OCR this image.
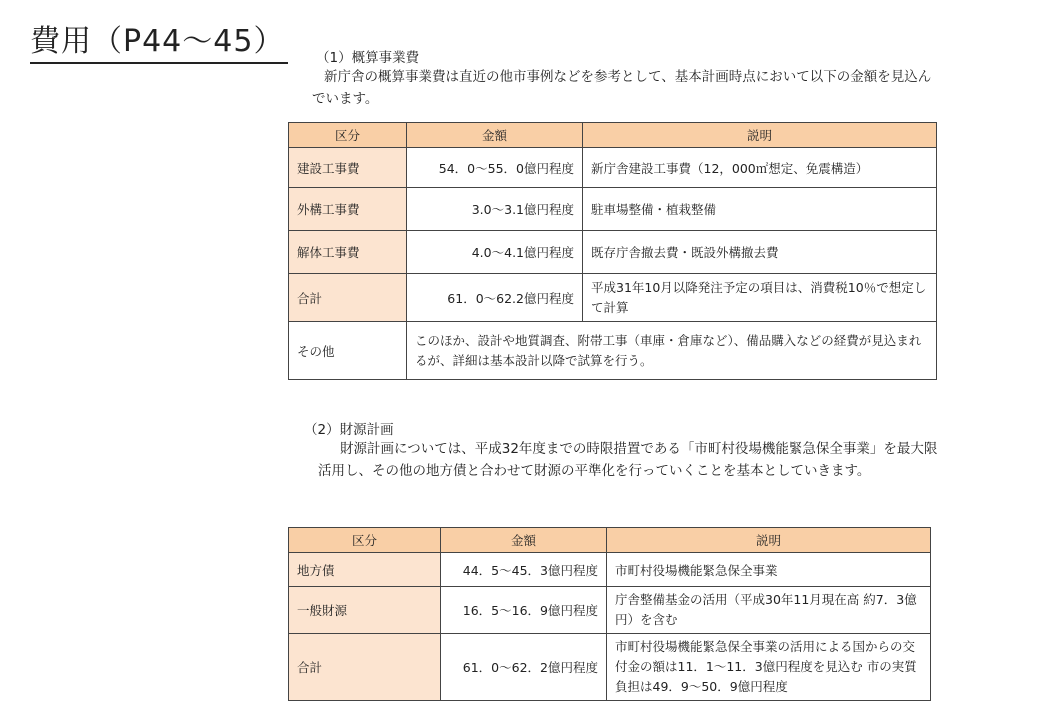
費用（P44〜45） （1）概算事業費
新庁舎の概算事業費は直近の他市事例などを参考として、基本計画時点において以下の金額を見込んでいます。
区分	金額	説明
建設工事費	54．0〜55．0億円程度	新庁舎建設工事費（12，000㎡想定、免震構造）
外構工事費	3.0〜3.1億円程度	駐車場整備・植栽整備
解体工事費	4.0〜4.1億円程度	既存庁舎撤去費・既設外構撤去費
合計	61．0〜62.2億円程度	平成31年10月以降発注予定の項目は、消費税10％で想定して計算
その他	このほか、設計や地質調査、附帯工事（車庫・倉庫など）、備品購入などの経費が見込まれるが、詳細は基本設計以降で試算を行う。	
（2）財源計画
財源計画については、平成32年度までの時限措置である「市町村役場機能緊急保全事業」を最大限活用し、その他の地方債と合わせて財源の平準化を行っていくことを基本としていきます。
区分	金額	説明
地方債	44．5〜45．3億円程度	市町村役場機能緊急保全事業
一般財源	16．5〜16．9億円程度	庁舎整備基金の活用（平成30年11月現在高 約7．3億円）を含む
合計	61．0〜62．2億円程度	市町村役場機能緊急保全事業の活用による国からの交付金の額は11．1〜11．3億円程度を見込む 市の実質負担は49．9〜50．9億円程度
